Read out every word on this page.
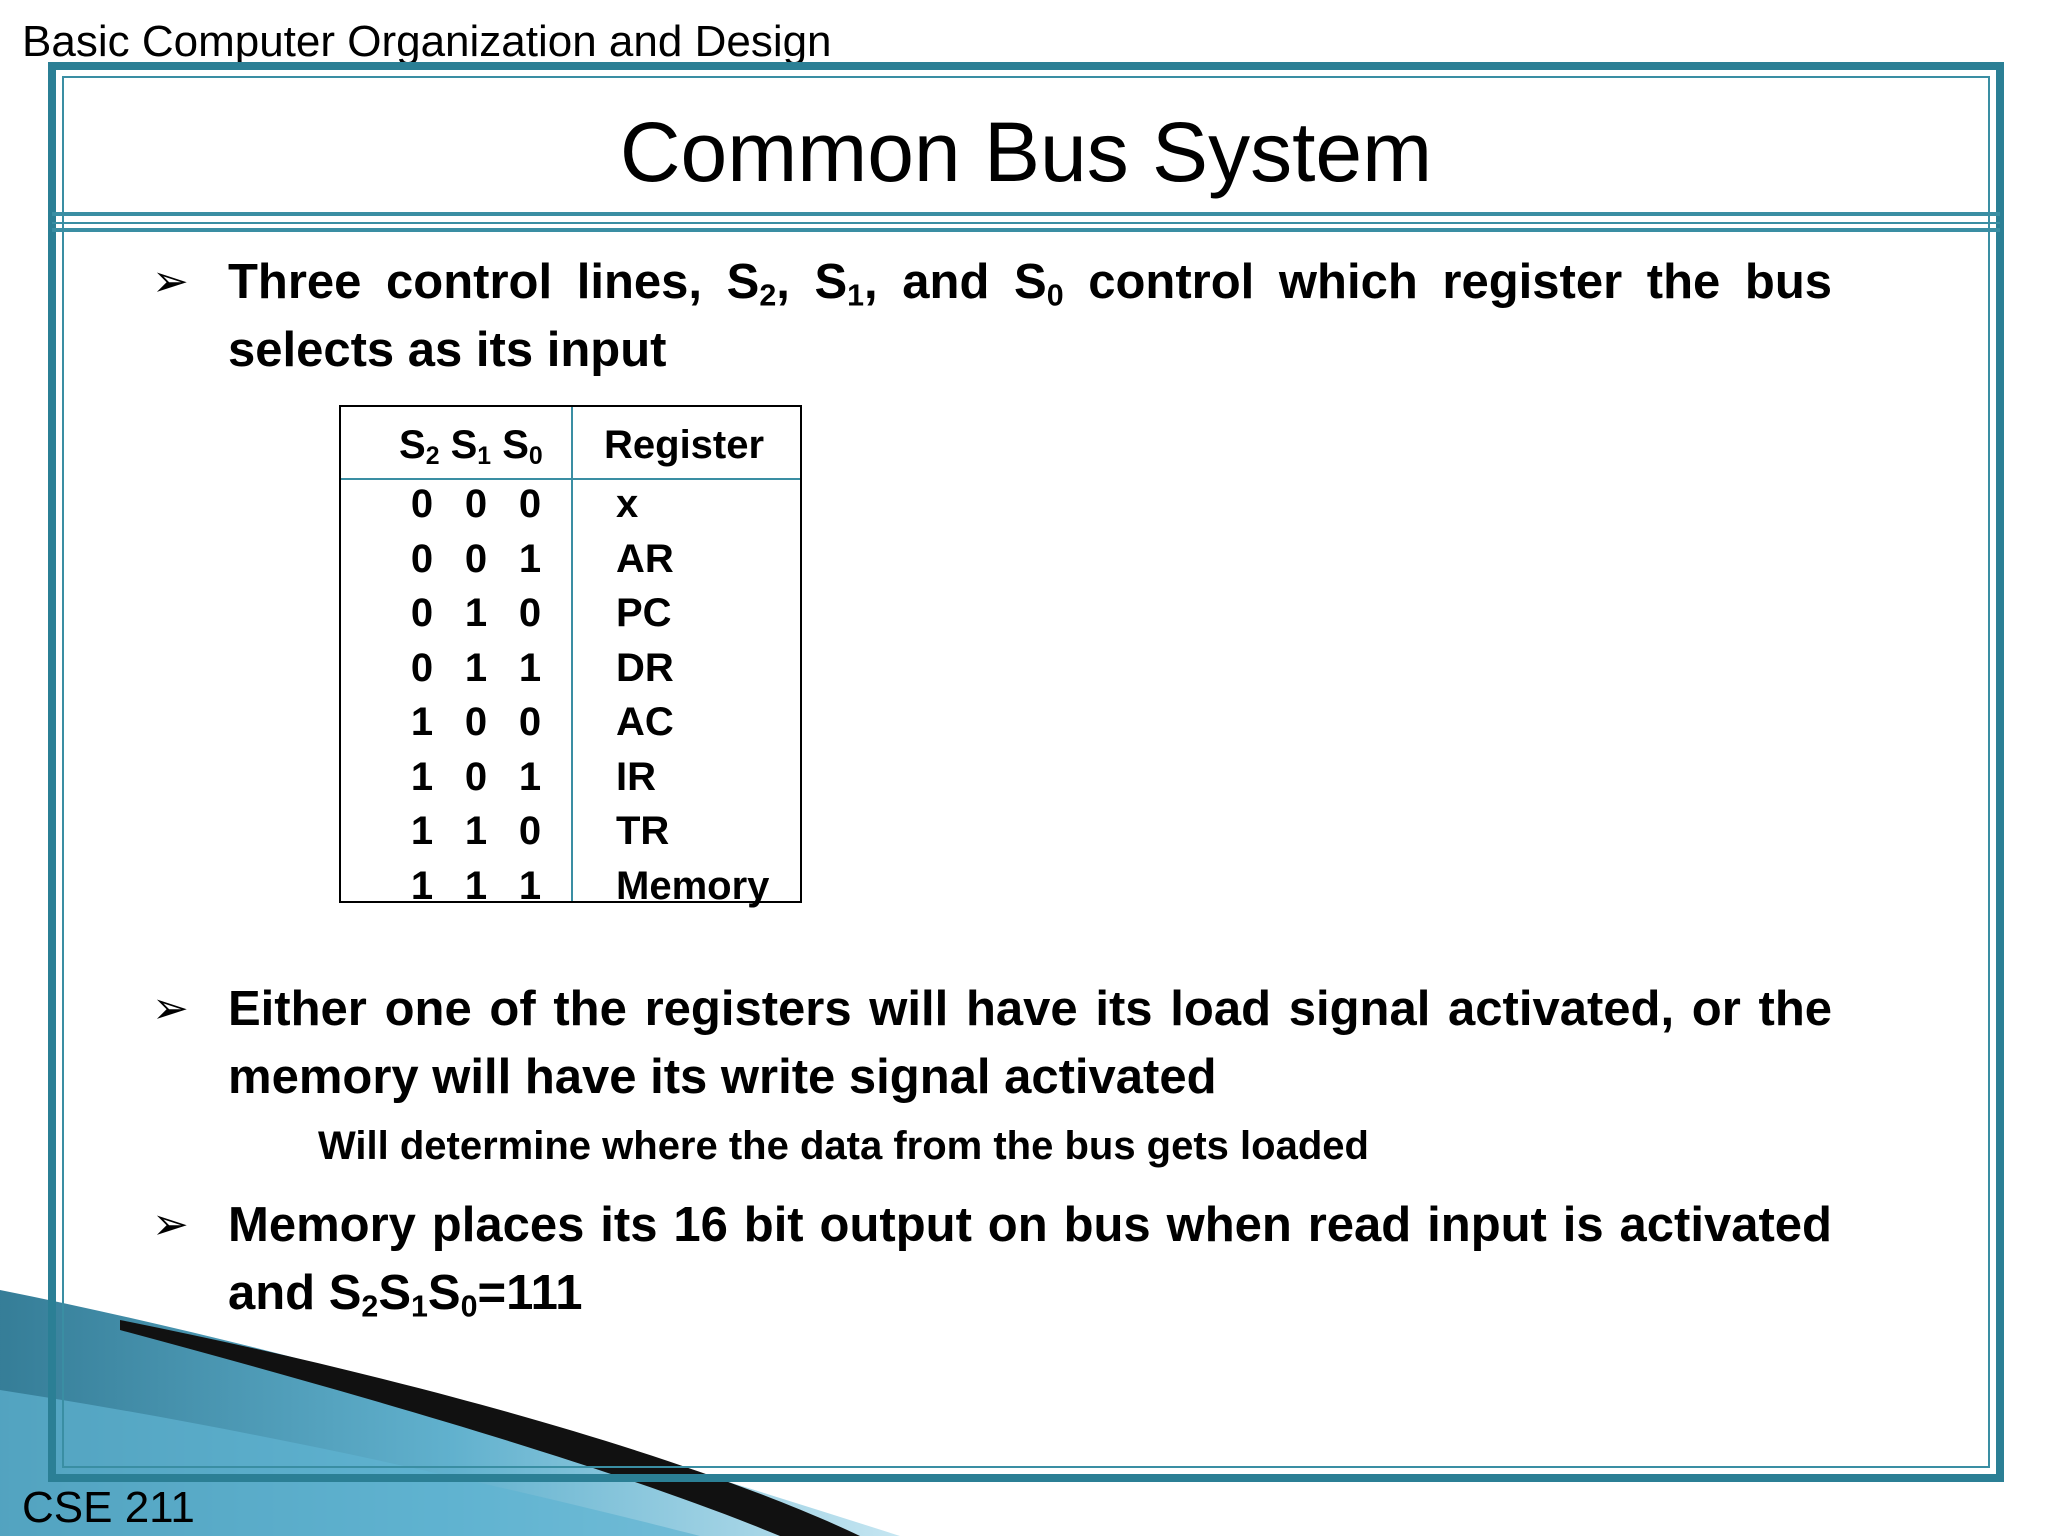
Basic Computer Organization and Design
Common Bus System
➢ Three control lines, $S_2$, $S_1$, and $S_0$ control which register the bus selects as its input
$S_2$ $S_1$ $S_0$ Register
0 0 0 x
0 0 1 AR
0 1 0 PC
0 1 1 DR
1 0 0 AC
1 0 1 IR
1 1 0 TR
1 1 1 Memory
➢ Either one of the registers will have its load signal activated, or the memory will have its write signal activated
Will determine where the data from the bus gets loaded
➢ Memory places its 16 bit output on bus when read input is activated and $S_2S_1S_0=111$
CSE 211
